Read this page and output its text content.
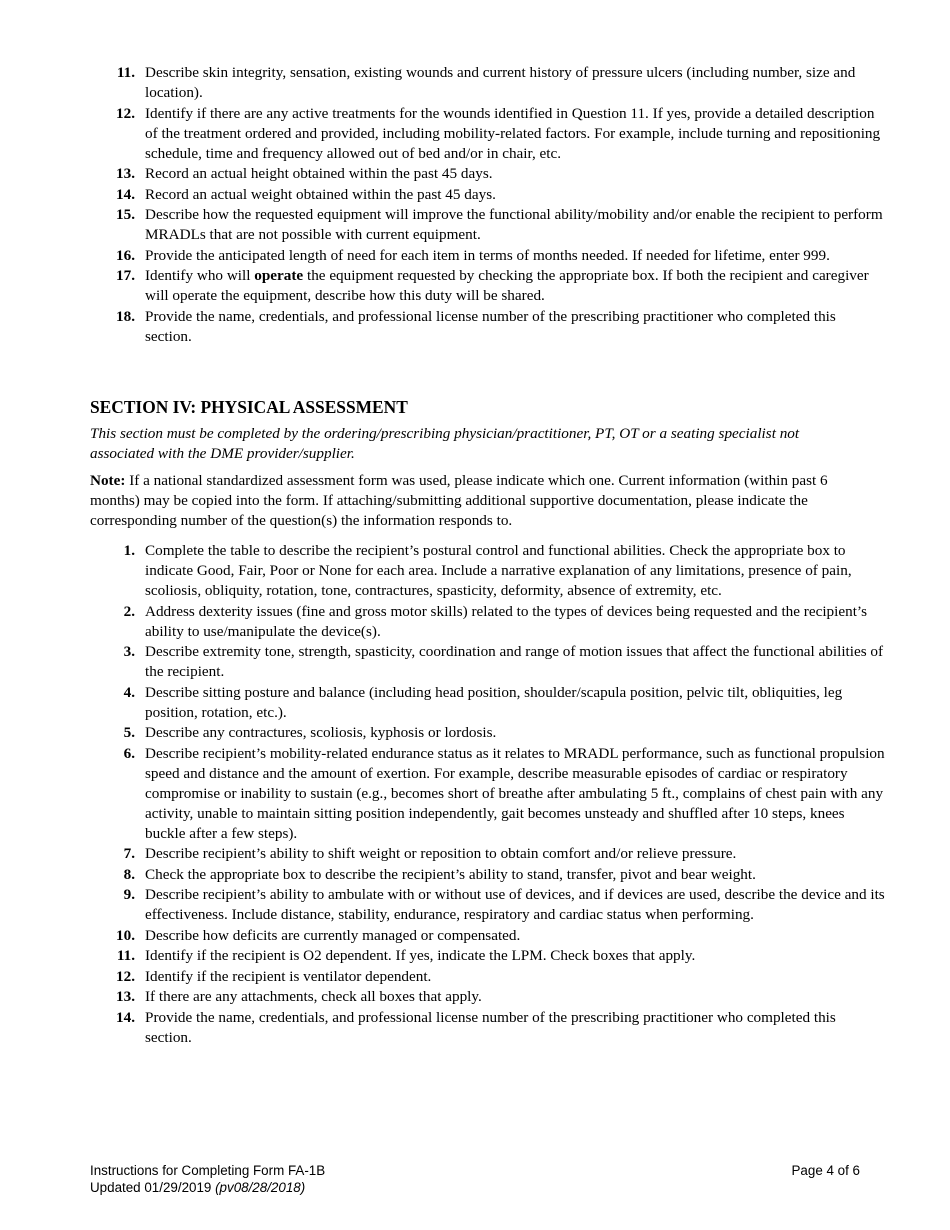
11. Describe skin integrity, sensation, existing wounds and current history of pressure ulcers (including number, size and location).
12. Identify if there are any active treatments for the wounds identified in Question 11. If yes, provide a detailed description of the treatment ordered and provided, including mobility-related factors. For example, include turning and repositioning schedule, time and frequency allowed out of bed and/or in chair, etc.
13. Record an actual height obtained within the past 45 days.
14. Record an actual weight obtained within the past 45 days.
15. Describe how the requested equipment will improve the functional ability/mobility and/or enable the recipient to perform MRADLs that are not possible with current equipment.
16. Provide the anticipated length of need for each item in terms of months needed. If needed for lifetime, enter 999.
17. Identify who will operate the equipment requested by checking the appropriate box. If both the recipient and caregiver will operate the equipment, describe how this duty will be shared.
18. Provide the name, credentials, and professional license number of the prescribing practitioner who completed this section.
SECTION IV: PHYSICAL ASSESSMENT

This section must be completed by the ordering/prescribing physician/practitioner, PT, OT or a seating specialist not associated with the DME provider/supplier.

Note: If a national standardized assessment form was used, please indicate which one. Current information (within past 6 months) may be copied into the form. If attaching/submitting additional supportive documentation, please indicate the corresponding number of the question(s) the information responds to.

1. Complete the table to describe the recipient’s postural control and functional abilities. Check the appropriate box to indicate Good, Fair, Poor or None for each area. Include a narrative explanation of any limitations, presence of pain, scoliosis, obliquity, rotation, tone, contractures, spasticity, deformity, absence of extremity, etc.
2. Address dexterity issues (fine and gross motor skills) related to the types of devices being requested and the recipient’s ability to use/manipulate the device(s).
3. Describe extremity tone, strength, spasticity, coordination and range of motion issues that affect the functional abilities of the recipient.
4. Describe sitting posture and balance (including head position, shoulder/scapula position, pelvic tilt, obliquities, leg position, rotation, etc.).
5. Describe any contractures, scoliosis, kyphosis or lordosis.
6. Describe recipient’s mobility-related endurance status as it relates to MRADL performance, such as functional propulsion speed and distance and the amount of exertion. For example, describe measurable episodes of cardiac or respiratory compromise or inability to sustain (e.g., becomes short of breathe after ambulating 5 ft., complains of chest pain with any activity, unable to maintain sitting position independently, gait becomes unsteady and shuffled after 10 steps, knees buckle after a few steps).
7. Describe recipient’s ability to shift weight or reposition to obtain comfort and/or relieve pressure.
8. Check the appropriate box to describe the recipient’s ability to stand, transfer, pivot and bear weight.
9. Describe recipient’s ability to ambulate with or without use of devices, and if devices are used, describe the device and its effectiveness. Include distance, stability, endurance, respiratory and cardiac status when performing.
10. Describe how deficits are currently managed or compensated.
11. Identify if the recipient is O2 dependent. If yes, indicate the LPM. Check boxes that apply.
12. Identify if the recipient is ventilator dependent.
13. If there are any attachments, check all boxes that apply.
14. Provide the name, credentials, and professional license number of the prescribing practitioner who completed this section.
Instructions for Completing Form FA-1B
Updated 01/29/2019 (pv08/28/2018)
Page 4 of 6
